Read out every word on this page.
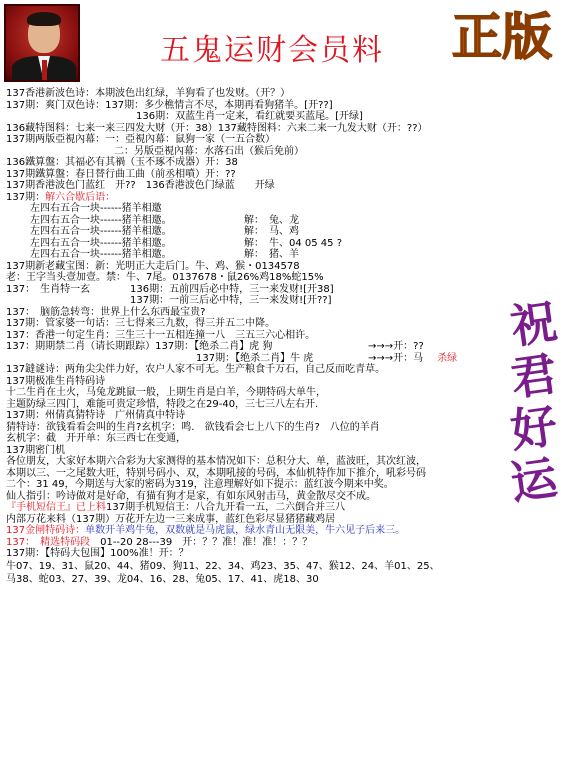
五鬼运财会员料	正版
祝
君
好
运
137香港新波色诗：本期波色出红绿，羊狗看了也发财。（开？）
137期：爽门双色诗：137期：多少樵情言不尽，本期再看狗猪羊。[开??]
136期：双蓝生肖一定来，看红就要买蓝尾。[开绿]
136藏特图料：七来一来三四发大财（开：38）137藏特图料：六来二来一九发大财（开：??）
137期两版亞視內幕：一：亞視內幕：鼠狗一家（一五合数）
二：另版亞視內幕：水落石出（猴后免前）
136鐵算盤：其福必有其禍（玉不琢不成器）开：38
137期鐵算盤：春日替行曲工曲（前丞相噴）开：??
137期香港波色门蓝红　开??　136香港波色门绿蓝　　开绿
137期：解六合歇后语：
左四右五合一块------猪羊相邀
左四右五合一块------猪羊相邀。	解：　兔、龙
左四右五合一块------猪羊相邀。	解：　马、鸡
左四右五合一块------猪羊相邀。	解：　牛、04 05 45 ?
左四右五合一块------猪羊相邀。	解：　猪、羊
137期新老藏宝图：新：光明正大走后门。牛、鸡、猴・0134578
老：王字当头壹加壹。禁：牛、7尾。0137678・鼠26%鸡18%蛇15%
137：　生肖特一玄	136期：五前四后必中特，三一来发财![开38]
137期：一前三后必中特，三一来发财![开??]
137：　脑筋急转弯：世界上什么东西最宝贵?
137期：管家婆一句话：三七得来三九数，得三并五二中降。
137：香港一句定生肖：三生三十一五相连撞一八　三五三六心相许。
137：期期禁二肖（请长期跟踪）137期：【绝杀二肖】虎 狗	→→→开：??
137期：【绝杀二肖】牛 虎	→→→开：马 杀绿
137鐽谜诗：两角尖尖伴力好，农户人家不可无。生产粮食千万石，自己反而吃青草。
137期极准生肖特码诗
十二生肖在土火，马兔龙跳鼠一般，上期生肖是白羊，今期特码大单牛，
主题防绿三四门，难能可贵定珍惜，特段之在29-40，三七三八左右开.
137期：州倩真猜特诗　广州倩真中特诗
猜特诗：欲钱看看会叫的生肖?玄机字：鸣.　欲钱看会七上八下的生肖?　八位的羊肖
玄机字：截　开开单：东三西七在变通，
137期密门机
各位朋友，大家好本期六合彩为大家测得的基本情况如下：总积分大、单，蓝波旺，其次红波，
本期以三、一之尾数大旺，特别号码小、双，本期吼接的号码，本仙机特作加下推介，吼彩号码
二个：31 49，今期送与大家的密码为319，注意理解好如下提示：蓝红波今期来中奖。
仙人指引：吟诗做对是好命，有猫有狗才是家，有如东风射击马，黄金散尽交不成。
『手机短信王』已上料137期手机短信王：八合九开看一五，二六倒合并三八
内部万花来料（137期）万花开左边一三来成事，蓝红色彩尽显猪猪藏鸡居
137金闸特码诗：单数开羊鸡牛兔，双数就是马虎鼠，绿水青山无限美，牛六见子后来三。
137：　精选特码段 01--20 28---39　开：？？准！准！准！：？？
137期：【特码大包围】100%准！开：？
牛07、19、31、鼠20、44、猪09、狗11、22、34、鸡23、35、47、猴12、24、羊01、25、
马38、蛇03、27、39、龙04、16、28、兔05、17、41、虎18、30
